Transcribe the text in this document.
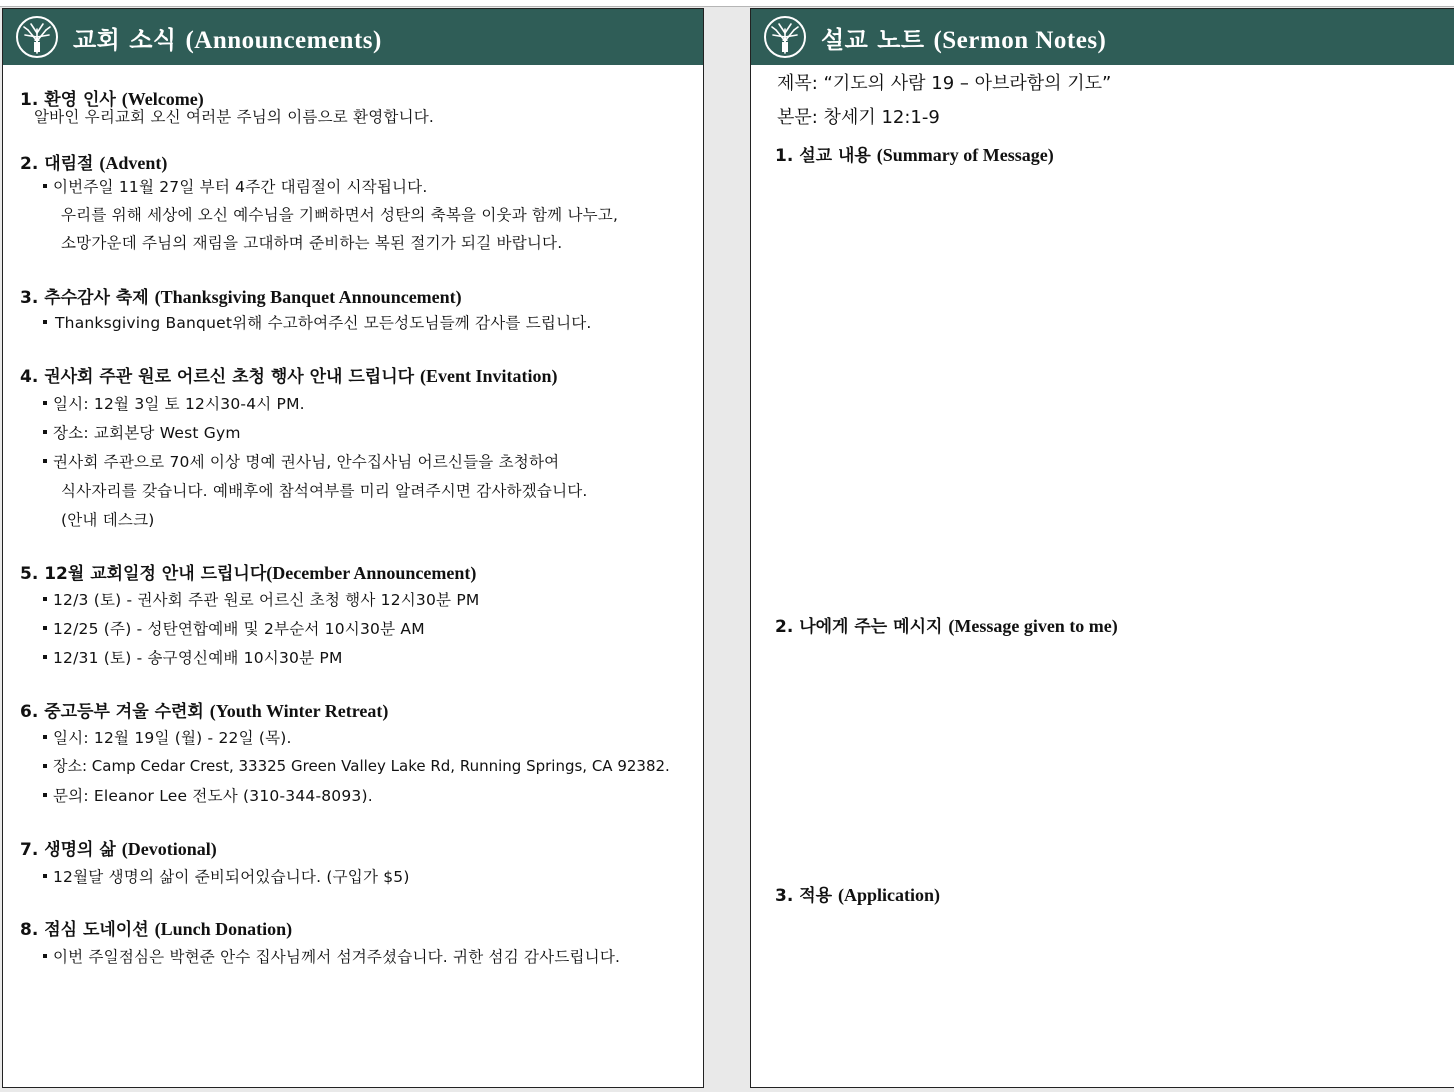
교회 소식 (Announcements)
1. 환영 인사 (Welcome)
알바인 우리교회 오신 여러분 주님의 이름으로 환영합니다.
2. 대림절 (Advent)
이번주일 11월 27일 부터 4주간 대림절이 시작됩니다.
우리를 위해 세상에 오신 예수님을 기뻐하면서 성탄의 축복을 이웃과 함께 나누고,
소망가운데 주님의 재림을 고대하며 준비하는 복된 절기가 되길 바랍니다.
3. 추수감사 축제 (Thanksgiving Banquet Announcement)
Thanksgiving Banquet위해 수고하여주신 모든성도님들께 감사를 드립니다.
4. 권사회 주관 원로 어르신 초청 행사 안내 드립니다 (Event Invitation)
일시: 12월 3일 토 12시30-4시 PM.
장소: 교회본당 West Gym
권사회 주관으로 70세 이상 명예 권사님, 안수집사님 어르신들을 초청하여
식사자리를 갖습니다. 예배후에 참석여부를 미리 알려주시면 감사하겠습니다.
(안내 데스크)
5. 12월 교회일정 안내 드립니다(December Announcement)
12/3 (토) - 권사회 주관 원로 어르신 초청 행사 12시30분 PM
12/25 (주) - 성탄연합예배 및 2부순서 10시30분 AM
12/31 (토) - 송구영신예배 10시30분 PM
6. 중고등부 겨울 수련회 (Youth Winter Retreat)
일시: 12월 19일 (월) - 22일 (목).
장소: Camp Cedar Crest, 33325 Green Valley Lake Rd, Running Springs, CA 92382.
문의: Eleanor Lee 전도사 (310-344-8093).
7. 생명의 삶 (Devotional)
12월달 생명의 삶이 준비되어있습니다. (구입가 $5)
8. 점심 도네이션 (Lunch Donation)
이번 주일점심은 박현준 안수 집사님께서 섬겨주셨습니다. 귀한 섬김 감사드립니다.
설교 노트 (Sermon Notes)
제목: “기도의 사람 19 – 아브라함의 기도”
본문: 창세기 12:1-9
1. 설교 내용 (Summary of Message)
2. 나에게 주는 메시지 (Message given to me)
3. 적용 (Application)
